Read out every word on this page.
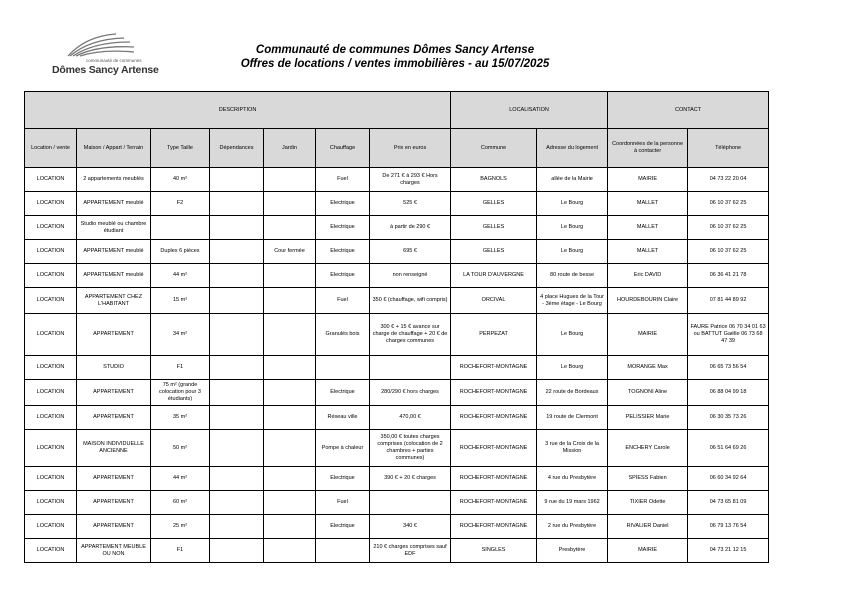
communauté de communes
Dômes Sancy Artense
Communauté de communes Dômes Sancy Artense
Offres de locations / ventes immobilières - au 15/07/2025
DESCRIPTION							LOCALISATION		CONTACT	
Location / vente	Maison / Appart / Terrain	Type Taille	Dépendances	Jardin	Chauffage	Prix en euros	Commune	Adresse du logement	Coordonnées de la personne à contacter	Téléphone
LOCATION	2 appartements meublés	40 m²			Fuel	De 271 € à 293 € Hors charges	BAGNOLS	allée de la Mairie	MAIRIE	04 73 22 20 04
LOCATION	APPARTEMENT meublé	F2			Electrique	525 €	GELLES	Le Bourg	MALLET	06 10 37 62 25
LOCATION	Studio meublé ou chambre étudiant				Electrique	à partir de 290 €	GELLES	Le Bourg	MALLET	06 10 37 62 25
LOCATION	APPARTEMENT meublé	Duplex 6 pièces		Cour fermée	Electrique	695 €	GELLES	Le Bourg	MALLET	06 10 37 62 25
LOCATION	APPARTEMENT meublé	44 m²			Electrique	non renseigné	LA TOUR D'AUVERGNE	80 route de besse	Eric DAVID	06 36 41 21 78
LOCATION	APPARTEMENT CHEZ L'HABITANT	15 m²			Fuel	350 € (chauffage, wifi compris)	ORCIVAL	4 place Hugues de la Tour - 3ème étage - Le Bourg	HOURDEBOURIN Claire	07 81 44 89 92
LOCATION	APPARTEMENT	34 m²			Granulés bois	300 € + 15 € avance sur charge de chauffage + 20 € de charges communes	PERPEZAT	Le Bourg	MAIRIE	FAURE Patrice 06 70 34 01 63 ou BATTUT Gaëlle 06 73 68 47 39
LOCATION	STUDIO	F1					ROCHEFORT-MONTAGNE	Le Bourg	MORANGE Max	06 65 73 56 54
LOCATION	APPARTEMENT	75 m² (grande colocation pour 3 étudiants)			Electrique	280/290 € hors charges	ROCHEFORT-MONTAGNE	22 route de Bordeaux	TOGNONI Aline	06 88 04 99 18
LOCATION	APPARTEMENT	35 m²			Réseau ville	470,00 €	ROCHEFORT-MONTAGNE	19 route de Clermont	PELISSIER Marie	06 30 35 73 26
LOCATION	MAISON INDIVIDUELLE ANCIENNE	50 m²			Pompe à chaleur	350,00 € toutes charges comprises (colocation de 2 chambres + parties communes)	ROCHEFORT-MONTAGNE	3 rue de la Croix de la Mission	ENCHERY Carole	06 51 64 69 26
LOCATION	APPARTEMENT	44 m²			Electrique	390 € + 20 € charges	ROCHEFORT-MONTAGNE	4 rue du Presbytère	SPIESS Fabien	06 60 34 92 64
LOCATION	APPARTEMENT	60 m²			Fuel		ROCHEFORT-MONTAGNE	9 rue du 19 mars 1962	TIXIER Odette	04 73 65 81 09
LOCATION	APPARTEMENT	25 m²			Electrique	340 €	ROCHEFORT-MONTAGNE	2 rue du Presbytère	RIVALIER Daniel	06 79 13 76 54
LOCATION	APPARTEMENT MEUBLE OU NON	F1				210 € charges comprises sauf EDF	SINGLES	Presbytère	MAIRIE	04 73 21 12 15
